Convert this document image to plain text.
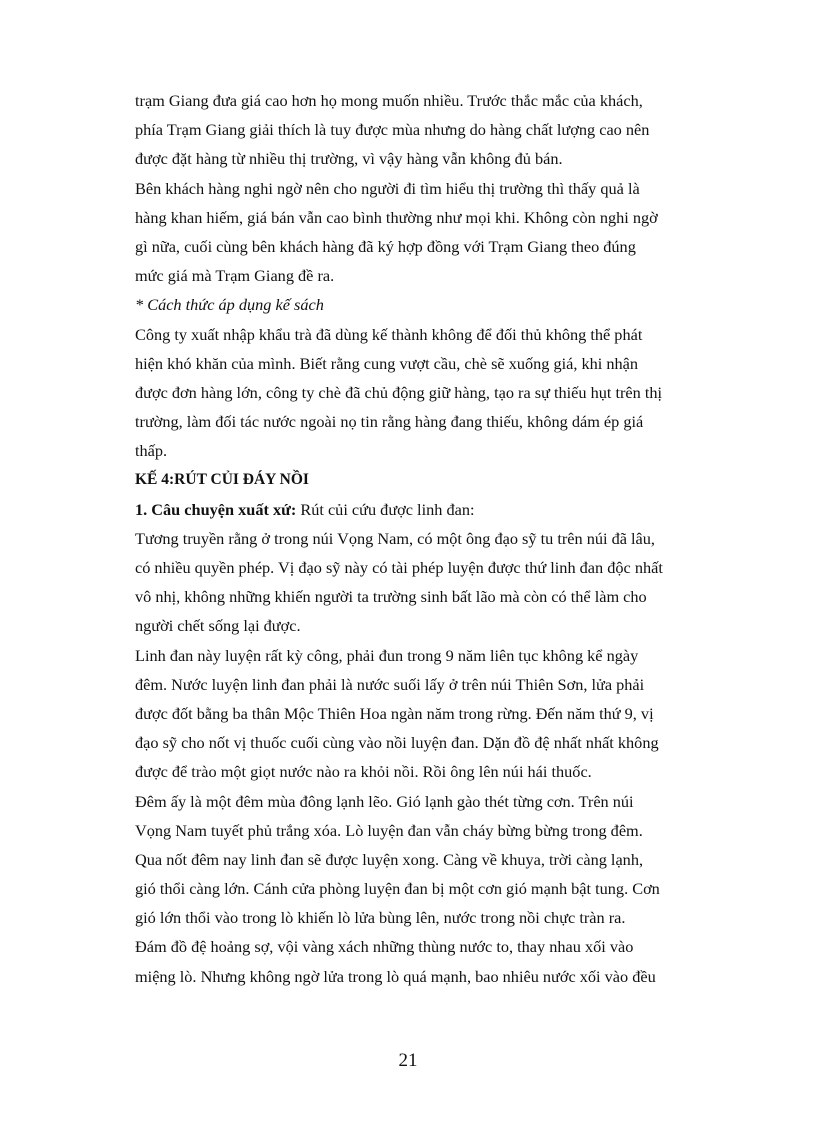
trạm Giang đưa giá cao hơn họ mong muốn nhiều. Trước thắc mắc của khách,

phía Trạm Giang giải thích là tuy được mùa nhưng do hàng chất lượng cao nên

được đặt hàng từ nhiều thị trường, vì vậy hàng vẫn không đủ bán.

Bên khách hàng nghi ngờ nên cho người đi tìm hiểu thị trường thì thấy quả là

hàng khan hiếm, giá bán vẫn cao bình thường như mọi khi. Không còn nghi ngờ

gì nữa, cuối cùng bên khách hàng đã ký hợp đồng với Trạm Giang theo đúng

mức giá mà Trạm Giang đề ra.

* Cách thức áp dụng kế sách

Công ty xuất nhập khẩu trà đã dùng kế thành không để đối thủ không thể phát

hiện khó khăn của mình. Biết rằng cung vượt cầu, chè sẽ xuống giá, khi nhận

được đơn hàng lớn, công ty chè đã chủ động giữ hàng, tạo ra sự thiếu hụt trên thị

trường, làm đối tác nước ngoài nọ tin rằng hàng đang thiếu, không dám ép giá

thấp.

KẾ 4:RÚT CỦI ĐÁY NỒI

1. Câu chuyện xuất xứ: Rút củi cứu được linh đan:

Tương truyền rằng ở trong núi Vọng Nam, có một ông đạo sỹ tu trên núi đã lâu,

có nhiều quyền phép. Vị đạo sỹ này có tài phép luyện được thứ linh đan độc nhất

vô nhị, không những khiến người ta trường sinh bất lão mà còn có thể làm cho

người chết sống lại được.

Linh đan này luyện rất kỳ công, phải đun trong 9 năm liên tục không kể ngày

đêm. Nước luyện linh đan phải là nước suối lấy ở trên núi Thiên Sơn, lửa phải

được đốt bằng ba thân Mộc Thiên Hoa ngàn năm trong rừng. Đến năm thứ 9, vị

đạo sỹ cho nốt vị thuốc cuối cùng vào nồi luyện đan. Dặn đồ đệ nhất nhất không

được để trào một giọt nước nào ra khỏi nồi. Rồi ông lên núi hái thuốc.

Đêm ấy là một đêm mùa đông lạnh lẽo. Gió lạnh gào thét từng cơn. Trên núi

Vọng Nam tuyết phủ trắng xóa. Lò luyện đan vẫn cháy bừng bừng trong đêm.

Qua nốt đêm nay linh đan sẽ được luyện xong. Càng về khuya, trời càng lạnh,

gió thổi càng lớn. Cánh cửa phòng luyện đan bị một cơn gió mạnh bật tung. Cơn

gió lớn thổi vào trong lò khiến lò lửa bùng lên, nước trong nồi chực tràn ra.

Đám đồ đệ hoảng sợ, vội vàng xách những thùng nước to, thay nhau xối vào

miệng lò. Nhưng không ngờ lửa trong lò quá mạnh, bao nhiêu nước xối vào đều

21
